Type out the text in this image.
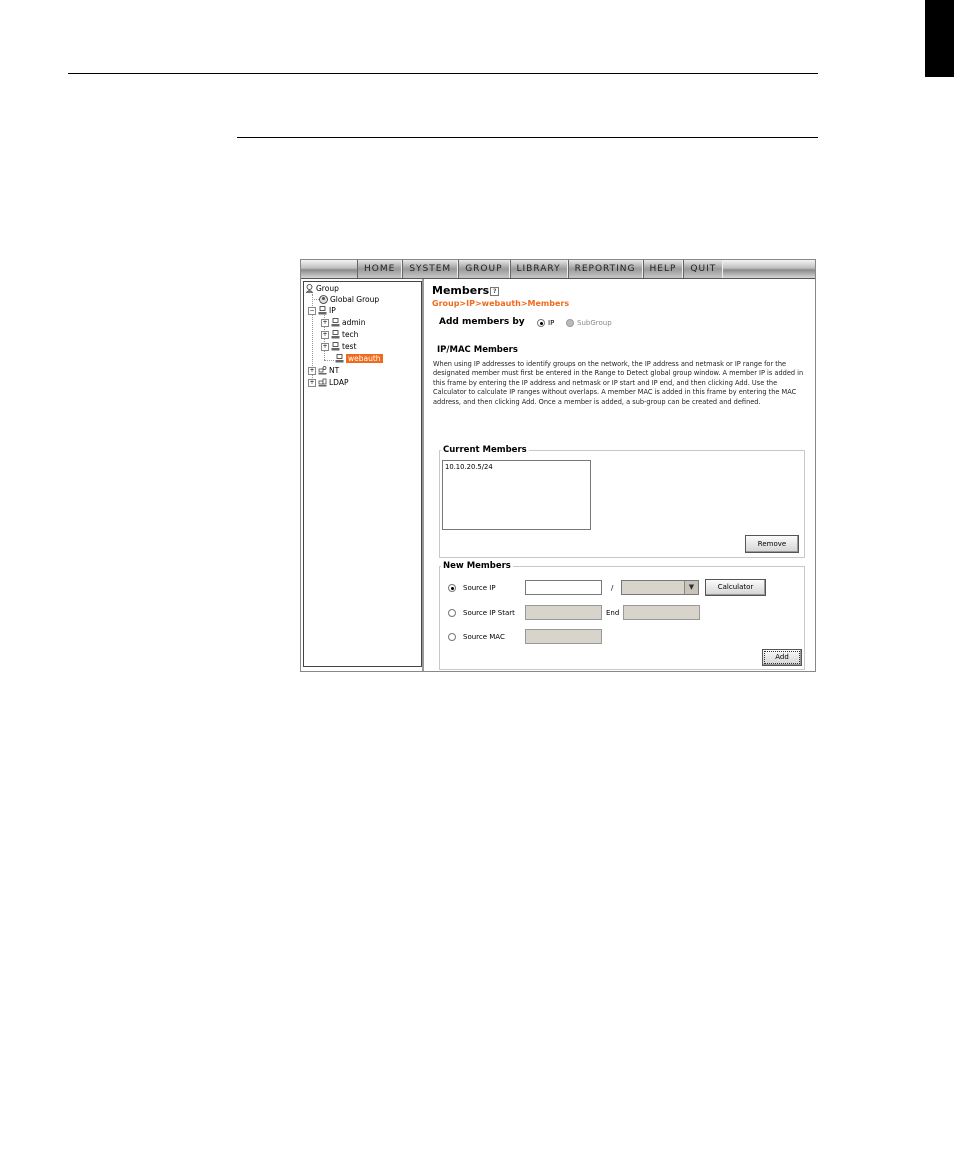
HOME	SYSTEM	GROUP	LIBRARY	REPORTING	HELP	QUIT
Group
Global Group
− IP
+ admin
+ tech
+ test
webauth
+ NT
+ LDAP
Members ?
Group>IP>webauth>Members
Add members by	IP	SubGroup
IP/MAC Members
When using IP addresses to identify groups on the network, the IP address and netmask or IP range for the designated member must first be entered in the Range to Detect global group window. A member IP is added in this frame by entering the IP address and netmask or IP start and IP end, and then clicking Add. Use the Calculator to calculate IP ranges without overlaps. A member MAC is added in this frame by entering the MAC address, and then clicking Add. Once a member is added, a sub-group can be created and defined.
Current Members
10.10.20.5/24
Remove
New Members
Source IP	/	▼	Calculator
Source IP Start	End
Source MAC
Add
